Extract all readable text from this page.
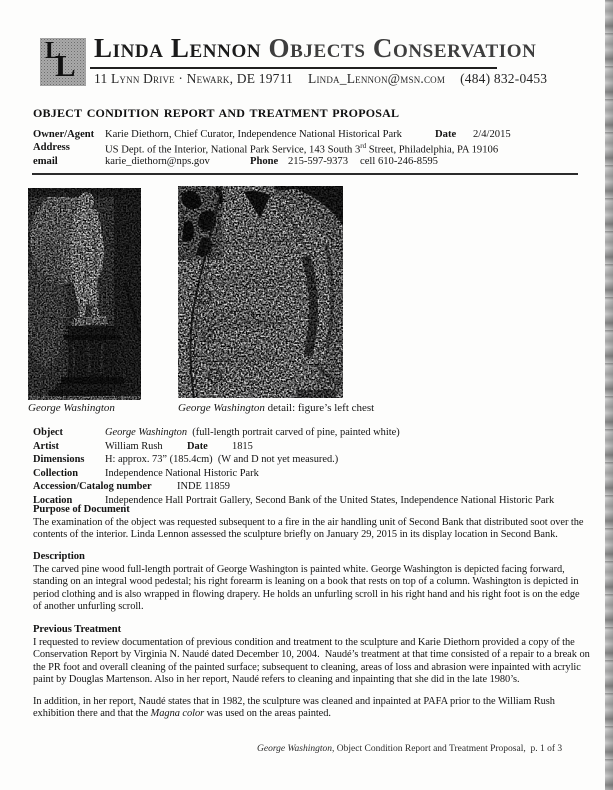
L
L Linda Lennon Objects Conservation
11 Lynn Drive · Newark, DE 19711 Linda_Lennon@msn.com (484) 832-0453
OBJECT CONDITION REPORT AND TREATMENT PROPOSAL
Owner/Agent Karie Diethorn, Chief Curator, Independence National Historical Park	Date 2/4/2015
Address	US Dept. of the Interior, National Park Service, 143 South 3rd Street, Philadelphia, PA 19106
email	karie_diethorn@nps.gov	Phone 215-597-9373 cell 610-246-8595
George Washington	George Washington detail: figure’s left chest
Object	George Washington  (full-length portrait carved of pine, painted white)
Artist	William Rush Date 1815
Dimensions H: approx. 73” (185.4cm)  (W and D not yet measured.)
Collection	Independence National Historic Park
Accession/Catalog number INDE 11859
Location	Independence Hall Portrait Gallery, Second Bank of the United States, Independence National Historic Park
Purpose of Document

The examination of the object was requested subsequent to a fire in the air handling unit of Second Bank that distributed soot over the contents of the interior. Linda Lennon assessed the sculpture briefly on January 29, 2015 in its display location in Second Bank.

Description

The carved pine wood full-length portrait of George Washington is painted white. George Washington is depicted facing forward, standing on an integral wood pedestal; his right forearm is leaning on a book that rests on top of a column. Washington is depicted in period clothing and is also wrapped in flowing drapery. He holds an unfurling scroll in his right hand and his right foot is on the edge of another unfurling scroll.

Previous Treatment

I requested to review documentation of previous condition and treatment to the sculpture and Karie Diethorn provided a copy of the Conservation Report by Virginia N. Naudé dated December 10, 2004.  Naudé’s treatment at that time consisted of a repair to a break on the PR foot and overall cleaning of the painted surface; subsequent to cleaning, areas of loss and abrasion were inpainted with acrylic paint by Douglas Martenson. Also in her report, Naudé refers to cleaning and inpainting that she did in the late 1980’s.

In addition, in her report, Naudé states that in 1982, the sculpture was cleaned and inpainted at PAFA prior to the William Rush exhibition there and that the Magna color was used on the areas painted.

George Washington, Object Condition Report and Treatment Proposal,  p. 1 of 3
